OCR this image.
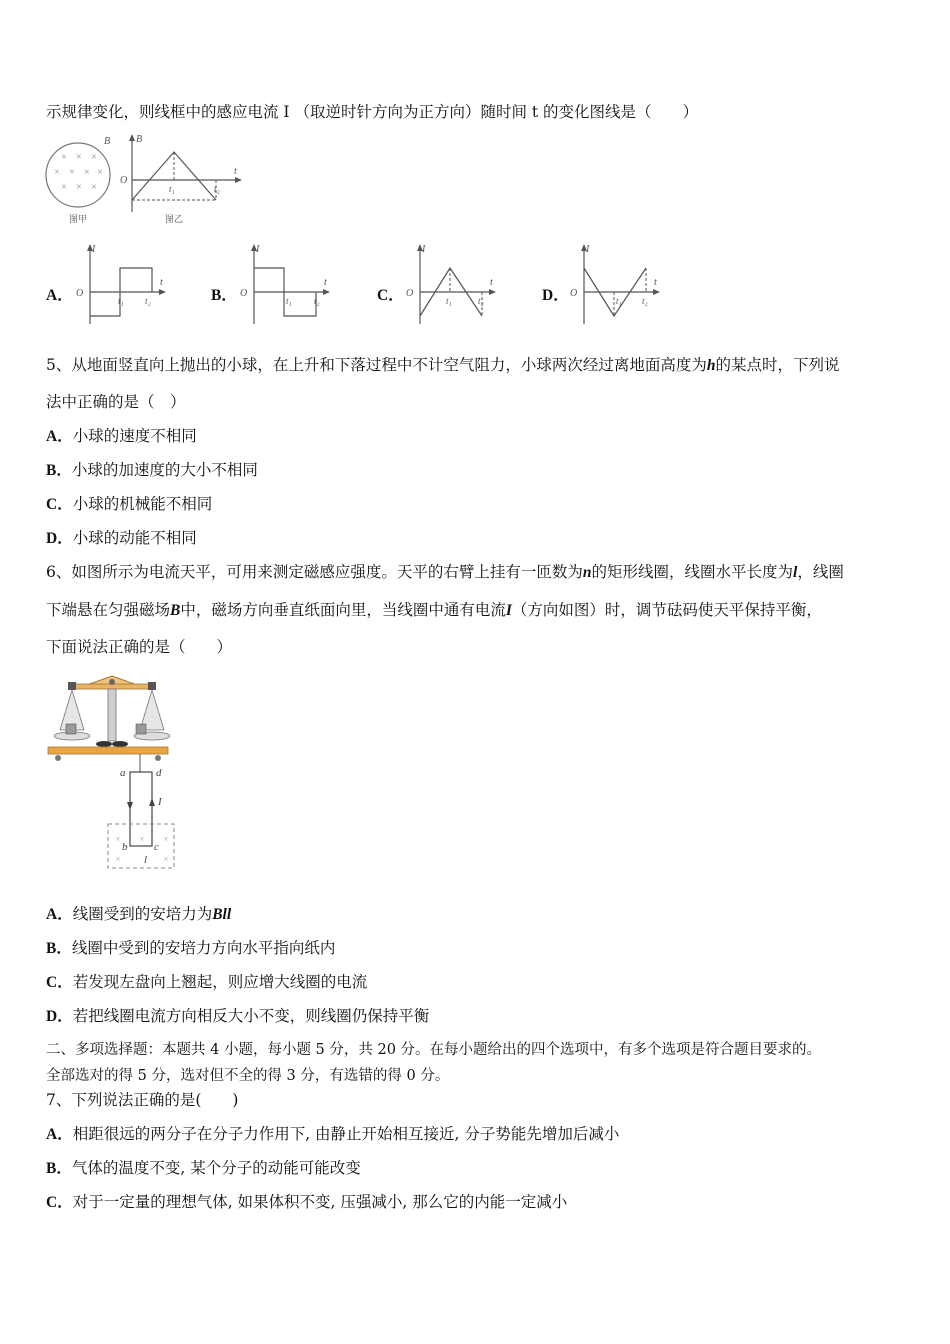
示规律变化，则线框中的感应电流 I （取逆时针方向为正方向）随时间 t 的变化图线是（　　）
× × ×
× × × ×
× × ×
B
图甲
B
O
t
t₁	t₂
图乙
A．
I
O
t
t₁ t₂	B．
I
O
t
t₁ t₂	C．
I
O
t
t₁	t₂	D．
I
O
t
t₁ t₂
5、从地面竖直向上抛出的小球，在上升和下落过程中不计空气阻力，小球两次经过离地面高度为h的某点时，下列说
法中正确的是（　）
A．小球的速度不相同
B．小球的加速度的大小不相同
C．小球的机械能不相同
D．小球的动能不相同
6、如图所示为电流天平，可用来测定磁感应强度。天平的右臂上挂有一匝数为n的矩形线圈，线圈水平长度为l，线圈
下端悬在匀强磁场B中，磁场方向垂直纸面向里，当线圈中通有电流I（方向如图）时，调节砝码使天平保持平衡，
下面说法正确的是（　　）
× × ×
×	×
a	d
I
b c
l
A．线圈受到的安培力为Bll
B．线圈中受到的安培力方向水平指向纸内
C．若发现左盘向上翘起，则应增大线圈的电流
D．若把线圈电流方向相反大小不变，则线圈仍保持平衡
二、多项选择题：本题共 4 小题，每小题 5 分，共 20 分。在每小题给出的四个选项中，有多个选项是符合题目要求的。
全部选对的得 5 分，选对但不全的得 3 分，有选错的得 0 分。
7、下列说法正确的是(　　)
A．相距很远的两分子在分子力作用下, 由静止开始相互接近, 分子势能先增加后减小
B．气体的温度不变, 某个分子的动能可能改变
C．对于一定量的理想气体, 如果体积不变, 压强减小, 那么它的内能一定减小
